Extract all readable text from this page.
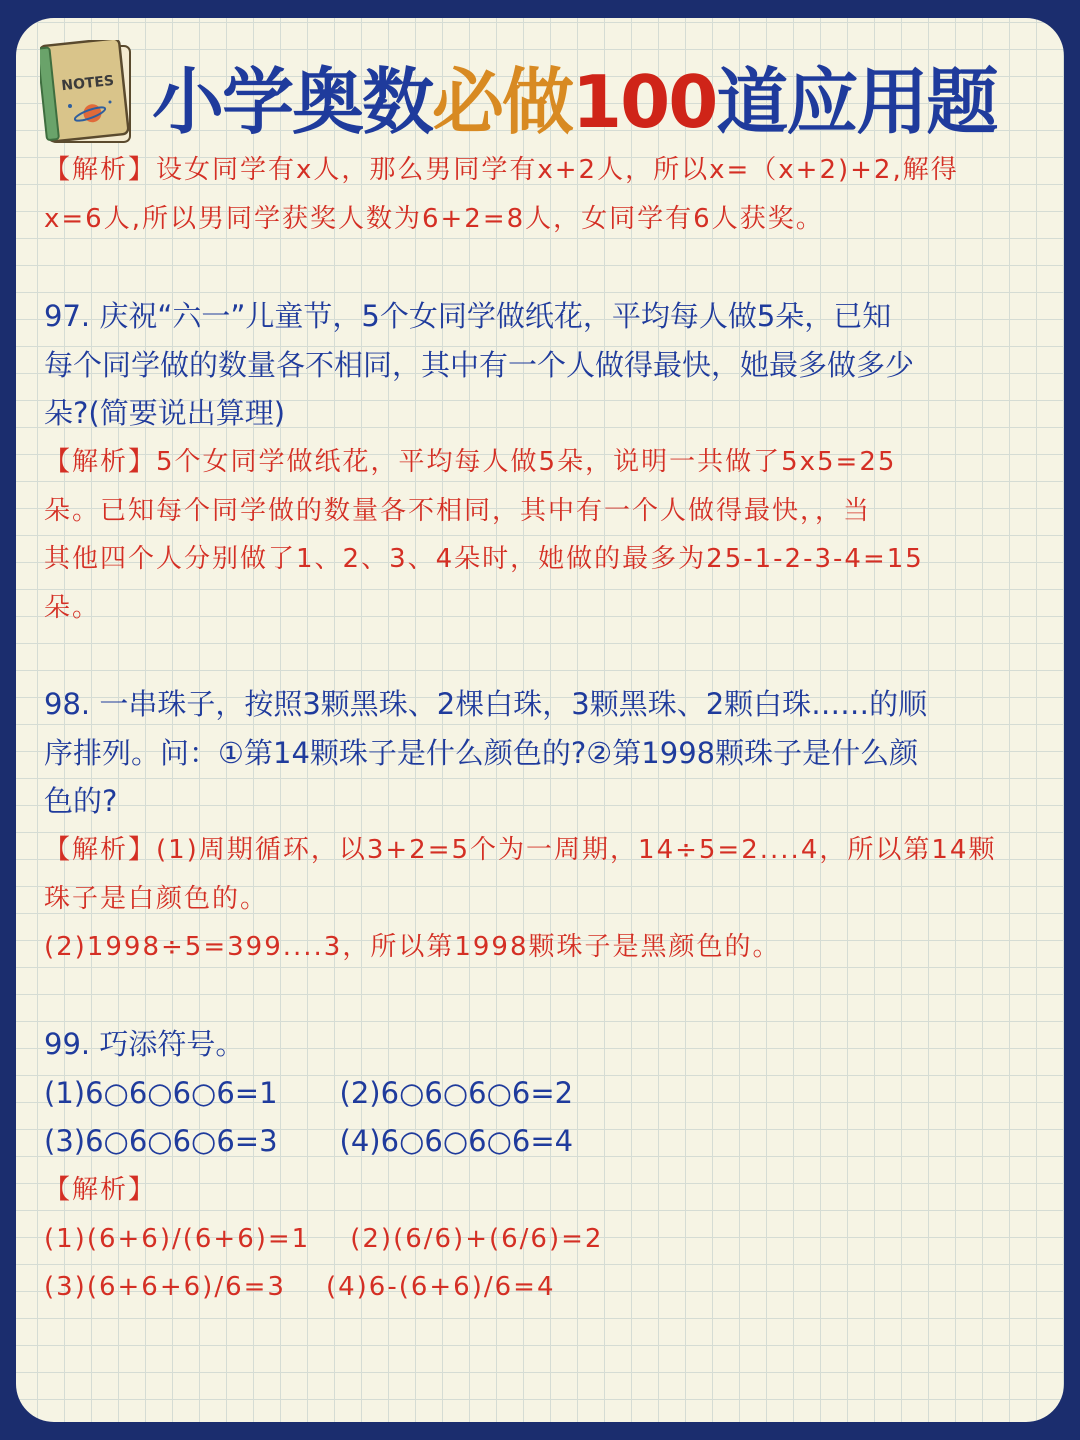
NOTES 小学奥数必做100道应用题
【解析】设女同学有x人，那么男同学有x+2人，所以x=（x+2)+2,解得
x=6人,所以男同学获奖人数为6+2=8人，女同学有6人获奖。
97. 庆祝“六一”儿童节，5个女同学做纸花，平均每人做5朵，已知
每个同学做的数量各不相同，其中有一个人做得最快，她最多做多少
朵?(简要说出算理)
【解析】5个女同学做纸花，平均每人做5朵，说明一共做了5x5=25
朵。已知每个同学做的数量各不相同，其中有一个人做得最快，，当
其他四个人分别做了1、2、3、4朵时，她做的最多为25-1-2-3-4=15
朵。
98. 一串珠子，按照3颗黑珠、2棵白珠，3颗黑珠、2颗白珠……的顺
序排列。问：①第14颗珠子是什么颜色的?②第1998颗珠子是什么颜
色的?
【解析】(1)周期循环，以3+2=5个为一周期，14÷5=2....4，所以第14颗
珠子是白颜色的。
(2)1998÷5=399....3，所以第1998颗珠子是黑颜色的。
99. 巧添符号。
(1)6○6○6○6=1 (2)6○6○6○6=2
(3)6○6○6○6=3 (4)6○6○6○6=4
【解析】
(1)(6+6)/(6+6)=1 (2)(6/6)+(6/6)=2
(3)(6+6+6)/6=3 (4)6-(6+6)/6=4
